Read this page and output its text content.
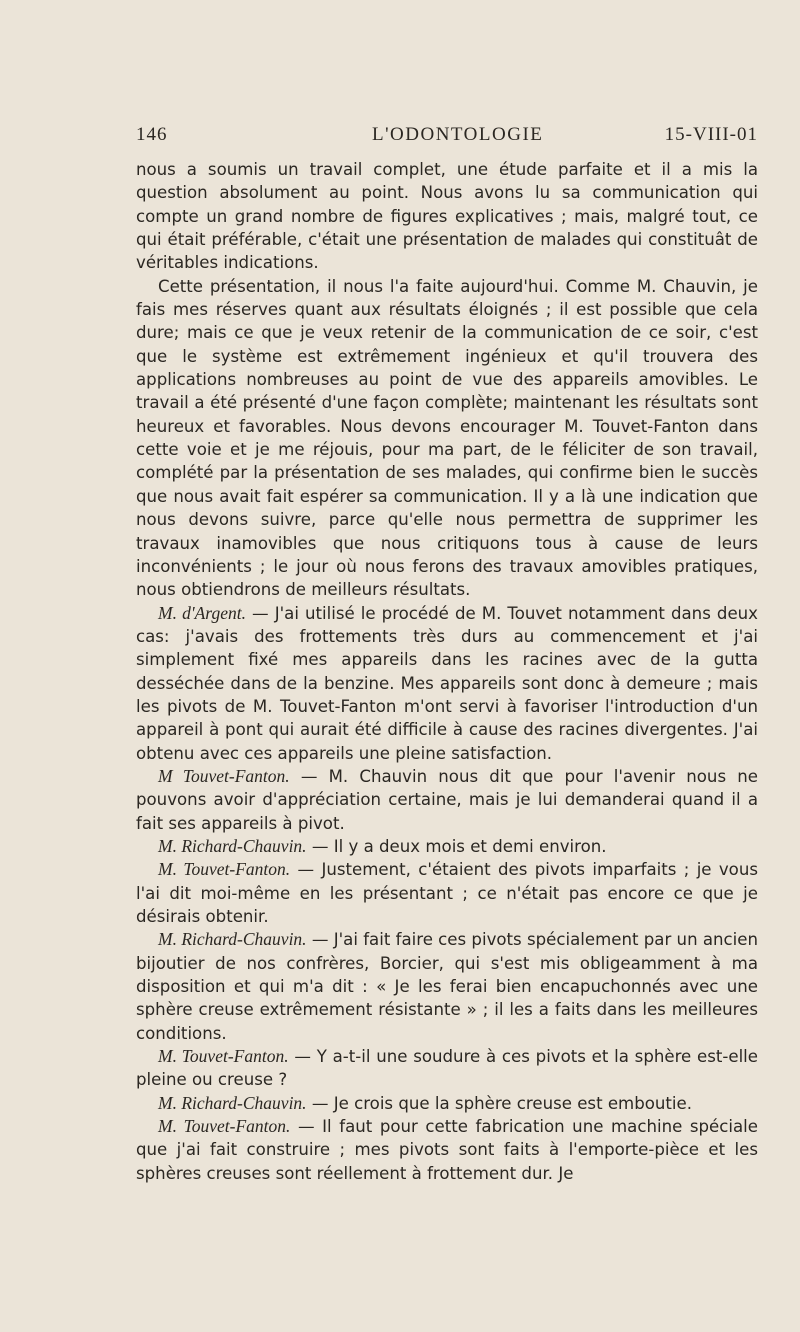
146	L'ODONTOLOGIE	15-VIII-01

nous a soumis un travail complet, une étude parfaite et il a mis la question absolument au point. Nous avons lu sa communication qui compte un grand nombre de figures explicatives ; mais, malgré tout, ce qui était préférable, c'était une présentation de malades qui constituât de véritables indications.

Cette présentation, il nous l'a faite aujourd'hui. Comme M. Chauvin, je fais mes réserves quant aux résultats éloignés ; il est possible que cela dure; mais ce que je veux retenir de la communication de ce soir, c'est que le système est extrêmement ingénieux et qu'il trouvera des applications nombreuses au point de vue des appareils amovibles. Le travail a été présenté d'une façon complète; maintenant les résultats sont heureux et favorables. Nous devons encourager M. Touvet-Fanton dans cette voie et je me réjouis, pour ma part, de le féliciter de son travail, complété par la présentation de ses malades, qui confirme bien le succès que nous avait fait espérer sa communication. Il y a là une indication que nous devons suivre, parce qu'elle nous permettra de supprimer les travaux inamovibles que nous critiquons tous à cause de leurs inconvénients ; le jour où nous ferons des travaux amovibles pratiques, nous obtiendrons de meilleurs résultats.

M. d'Argent. — J'ai utilisé le procédé de M. Touvet notamment dans deux cas: j'avais des frottements très durs au commencement et j'ai simplement fixé mes appareils dans les racines avec de la gutta desséchée dans de la benzine. Mes appareils sont donc à demeure ; mais les pivots de M. Touvet-Fanton m'ont servi à favoriser l'introduction d'un appareil à pont qui aurait été difficile à cause des racines divergentes. J'ai obtenu avec ces appareils une pleine satisfaction.

M Touvet-Fanton. — M. Chauvin nous dit que pour l'avenir nous ne pouvons avoir d'appréciation certaine, mais je lui demanderai quand il a fait ses appareils à pivot.

M. Richard-Chauvin. — Il y a deux mois et demi environ.

M. Touvet-Fanton. — Justement, c'étaient des pivots imparfaits ; je vous l'ai dit moi-même en les présentant ; ce n'était pas encore ce que je désirais obtenir.

M. Richard-Chauvin. — J'ai fait faire ces pivots spécialement par un ancien bijoutier de nos confrères, Borcier, qui s'est mis obligeamment à ma disposition et qui m'a dit : « Je les ferai bien encapuchonnés avec une sphère creuse extrêmement résistante » ; il les a faits dans les meilleures conditions.

M. Touvet-Fanton. — Y a-t-il une soudure à ces pivots et la sphère est-elle pleine ou creuse ?

M. Richard-Chauvin. — Je crois que la sphère creuse est emboutie.

M. Touvet-Fanton. — Il faut pour cette fabrication une machine spéciale que j'ai fait construire ; mes pivots sont faits à l'emporte-pièce et les sphères creuses sont réellement à frottement dur. Je
